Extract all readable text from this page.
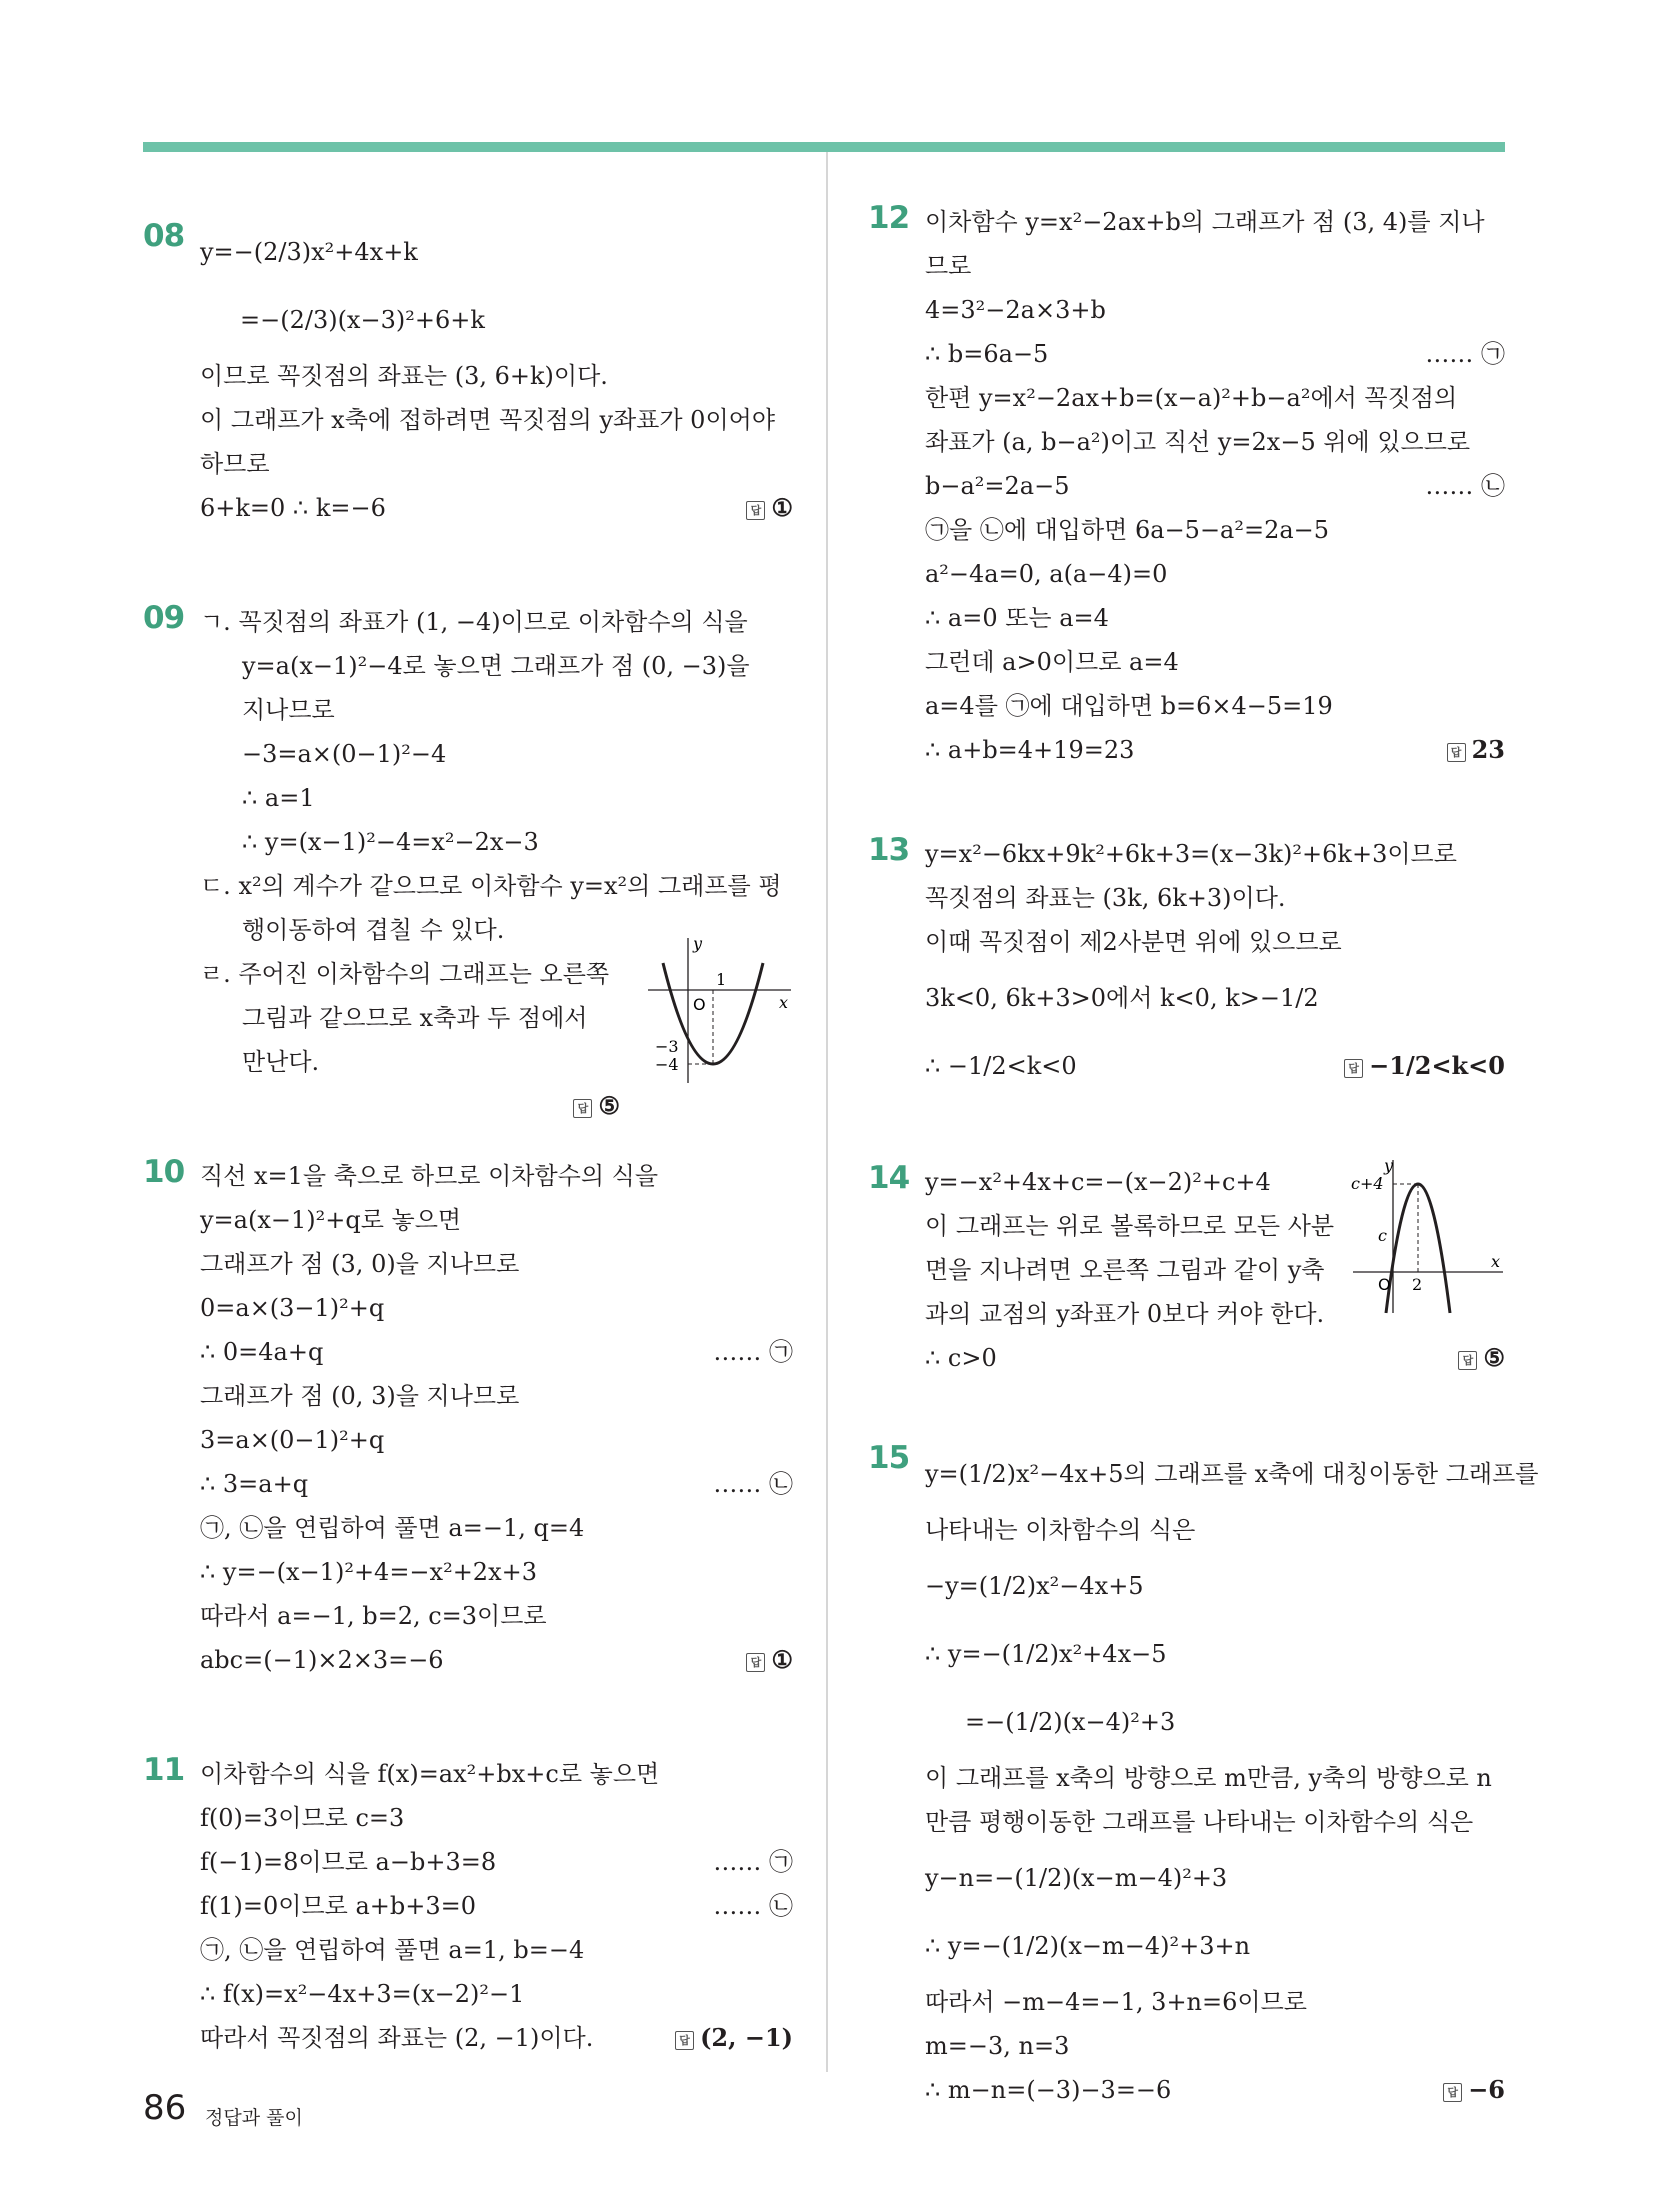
08 y=−(2/3)x²+4x+k
=−(2/3)(x−3)²+6+k
이므로 꼭짓점의 좌표는 (3, 6+k)이다.
이 그래프가 x축에 접하려면 꼭짓점의 y좌표가 0이어야
하므로
6+k=0 ∴ k=−6	답 ①
09 ㄱ. 꼭짓점의 좌표가 (1, −4)이므로 이차함수의 식을
y=a(x−1)²−4로 놓으면 그래프가 점 (0, −3)을
지나므로
−3=a×(0−1)²−4
∴ a=1
∴ y=(x−1)²−4=x²−2x−3
ㄷ. x²의 계수가 같으므로 이차함수 y=x²의 그래프를 평
행이동하여 겹칠 수 있다.
ㄹ. 주어진 이차함수의 그래프는 오른쪽
그림과 같으므로 x축과 두 점에서
만난다.
답 ⑤
y
x
O
1
−3
−4
10 직선 x=1을 축으로 하므로 이차함수의 식을
y=a(x−1)²+q로 놓으면
그래프가 점 (3, 0)을 지나므로
0=a×(3−1)²+q
∴ 0=4a+q	…… ㉠
그래프가 점 (0, 3)을 지나므로
3=a×(0−1)²+q
∴ 3=a+q	…… ㉡
㉠, ㉡을 연립하여 풀면 a=−1, q=4
∴ y=−(x−1)²+4=−x²+2x+3
따라서 a=−1, b=2, c=3이므로
abc=(−1)×2×3=−6	답 ①
11 이차함수의 식을 f(x)=ax²+bx+c로 놓으면
f(0)=3이므로 c=3
f(−1)=8이므로 a−b+3=8	…… ㉠
f(1)=0이므로 a+b+3=0	…… ㉡
㉠, ㉡을 연립하여 풀면 a=1, b=−4
∴ f(x)=x²−4x+3=(x−2)²−1
따라서 꼭짓점의 좌표는 (2, −1)이다.	답 (2, −1)
12 이차함수 y=x²−2ax+b의 그래프가 점 (3, 4)를 지나
므로
4=3²−2a×3+b
∴ b=6a−5	…… ㉠
한편 y=x²−2ax+b=(x−a)²+b−a²에서 꼭짓점의
좌표가 (a, b−a²)이고 직선 y=2x−5 위에 있으므로
b−a²=2a−5	…… ㉡
㉠을 ㉡에 대입하면 6a−5−a²=2a−5
a²−4a=0, a(a−4)=0
∴ a=0 또는 a=4
그런데 a>0이므로 a=4
a=4를 ㉠에 대입하면 b=6×4−5=19
∴ a+b=4+19=23	답 23
13 y=x²−6kx+9k²+6k+3=(x−3k)²+6k+3이므로
꼭짓점의 좌표는 (3k, 6k+3)이다.
이때 꼭짓점이 제2사분면 위에 있으므로
3k<0, 6k+3>0에서 k<0, k>−1/2
∴ −1/2<k<0	답 −1/2<k<0
14 y=−x²+4x+c=−(x−2)²+c+4
이 그래프는 위로 볼록하므로 모든 사분
면을 지나려면 오른쪽 그림과 같이 y축
과의 교점의 y좌표가 0보다 커야 한다.
∴ c>0	답 ⑤
y
x
O 2
c+4
c
15 y=(1/2)x²−4x+5의 그래프를 x축에 대칭이동한 그래프를
나타내는 이차함수의 식은
−y=(1/2)x²−4x+5
∴ y=−(1/2)x²+4x−5
=−(1/2)(x−4)²+3
이 그래프를 x축의 방향으로 m만큼, y축의 방향으로 n
만큼 평행이동한 그래프를 나타내는 이차함수의 식은
y−n=−(1/2)(x−m−4)²+3
∴ y=−(1/2)(x−m−4)²+3+n
따라서 −m−4=−1, 3+n=6이므로
m=−3, n=3
∴ m−n=(−3)−3=−6	답 −6
86 정답과 풀이
